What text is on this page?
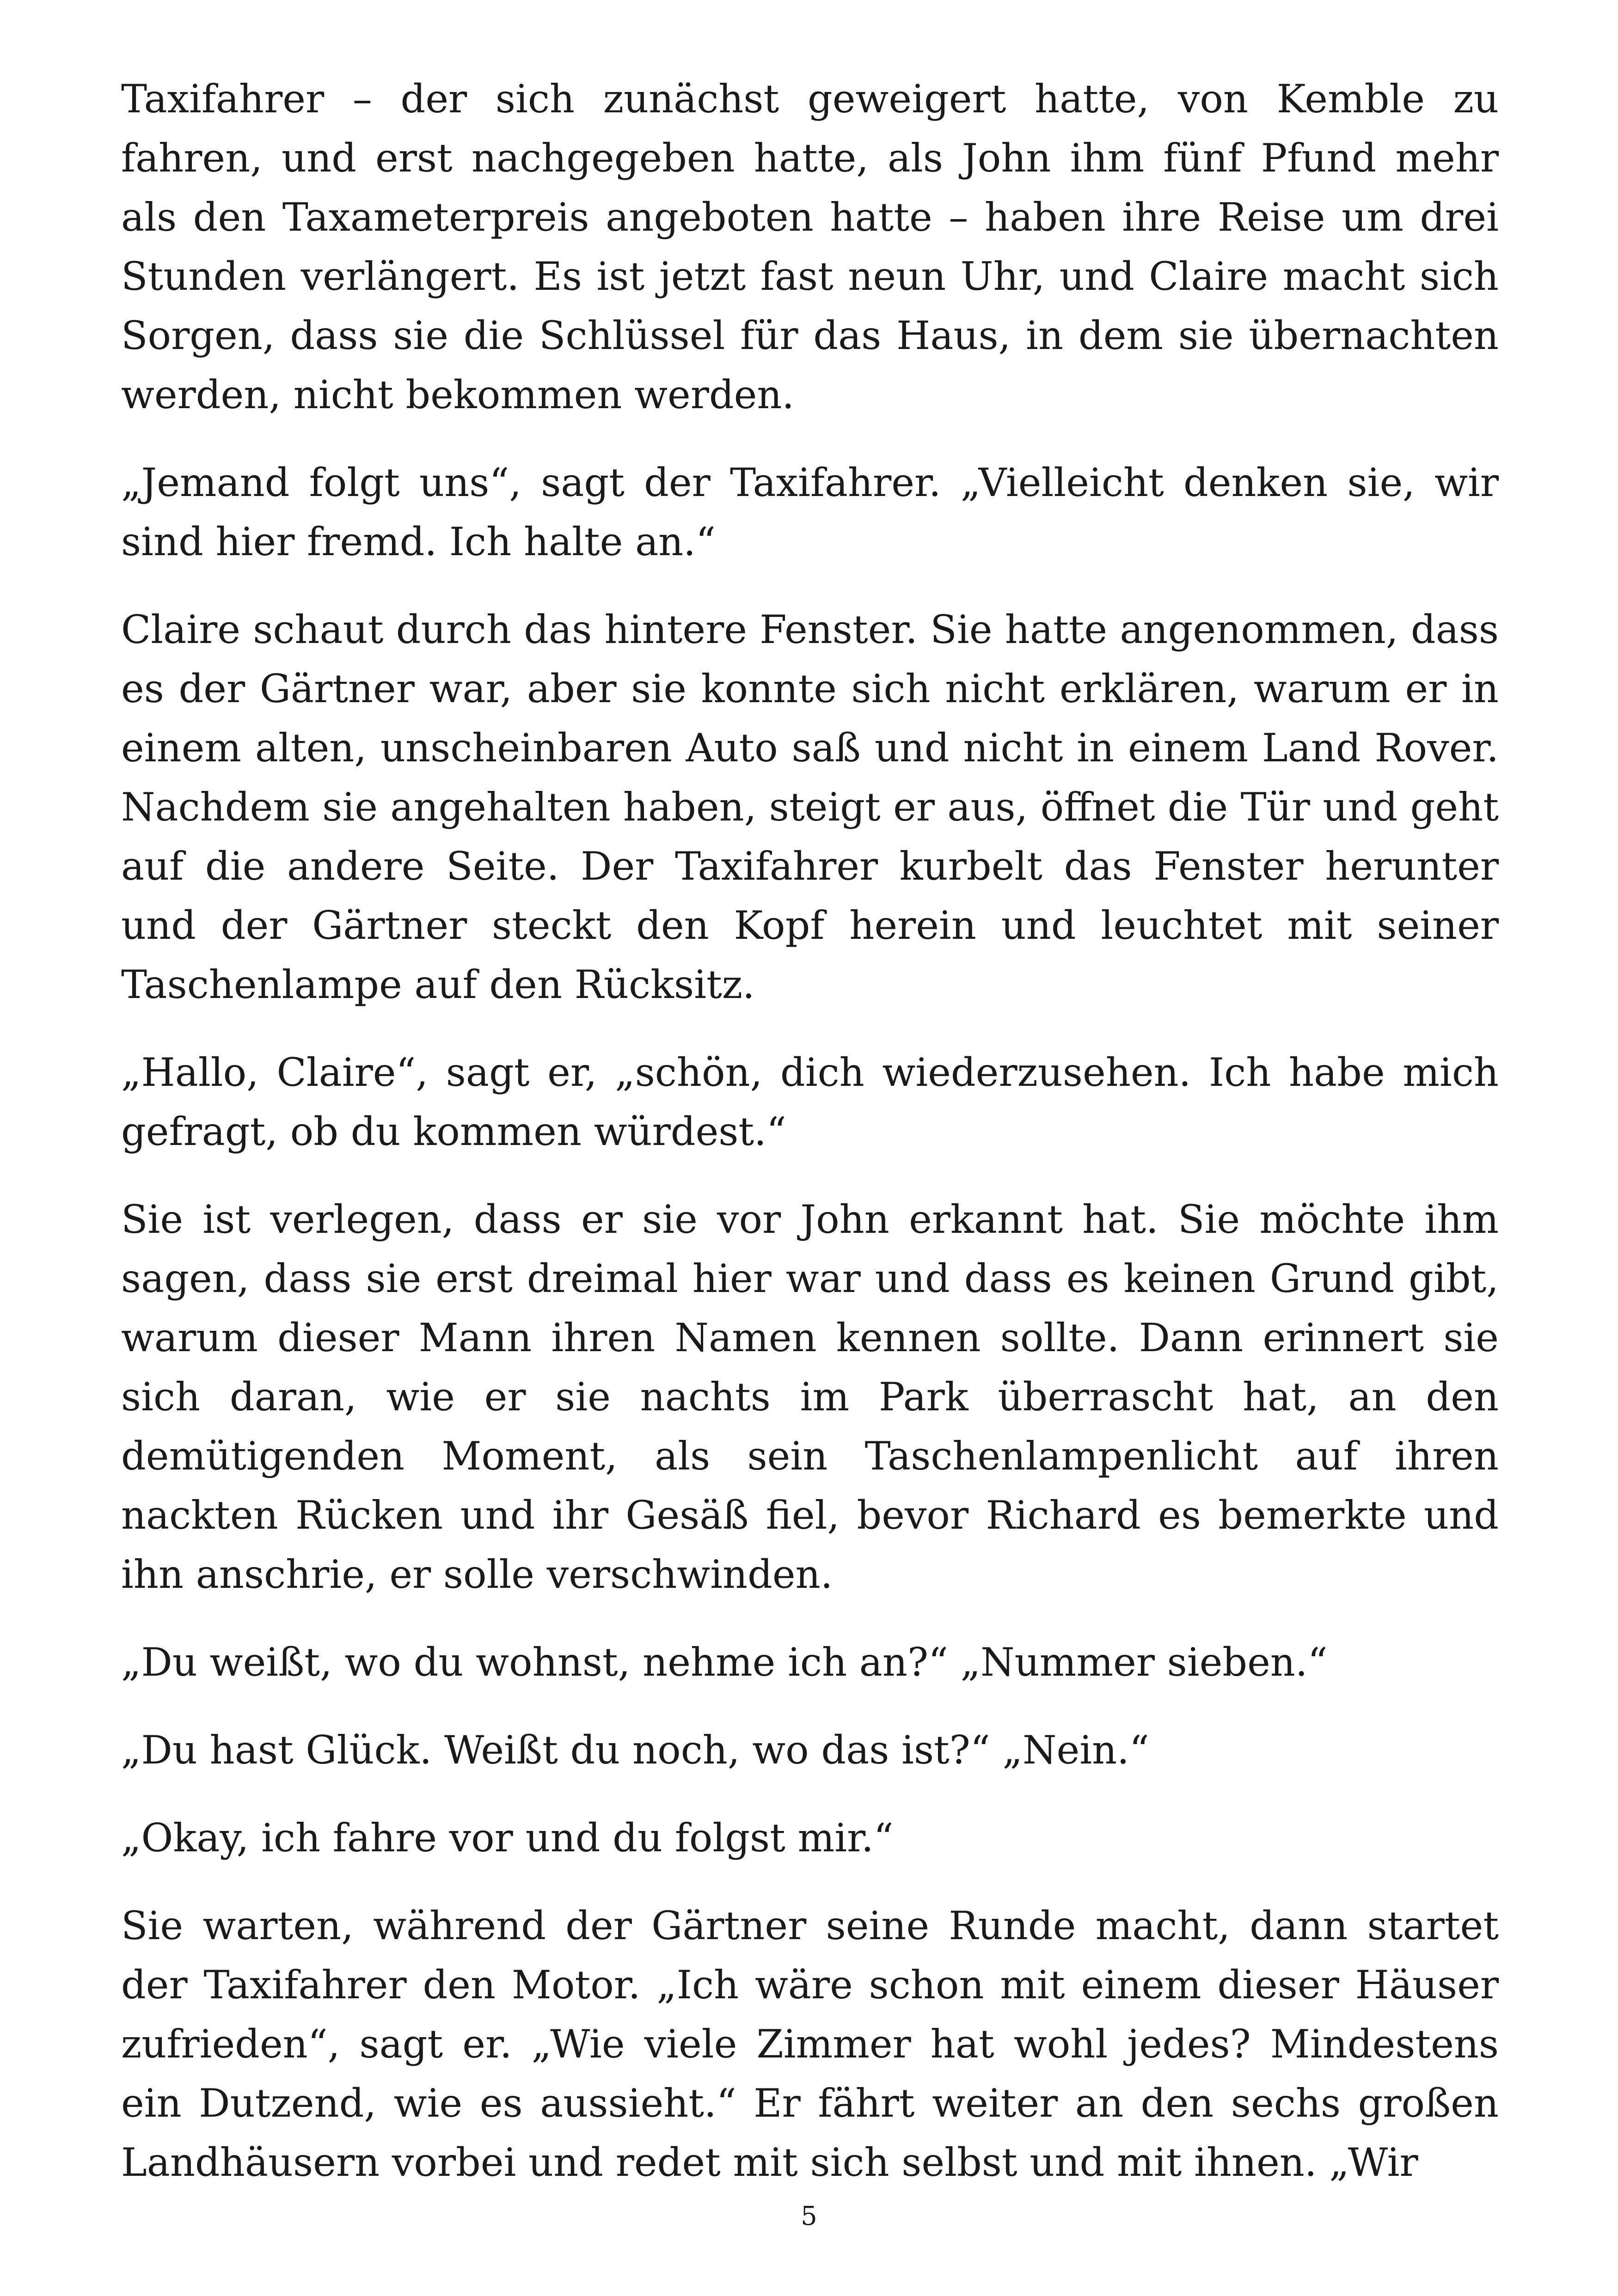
Taxifahrer – der sich zunächst geweigert hatte, von Kemble zu fahren, und erst nachgegeben hatte, als John ihm fünf Pfund mehr als den Taxameterpreis angeboten hatte – haben ihre Reise um drei Stunden verlängert. Es ist jetzt fast neun Uhr, und Claire macht sich Sorgen, dass sie die Schlüssel für das Haus, in dem sie übernachten werden, nicht bekommen werden.

„Jemand folgt uns“, sagt der Taxifahrer. „Vielleicht denken sie, wir sind hier fremd. Ich halte an.“

Claire schaut durch das hintere Fenster. Sie hatte angenommen, dass es der Gärtner war, aber sie konnte sich nicht erklären, warum er in einem alten, unscheinbaren Auto saß und nicht in einem Land Rover. Nachdem sie angehalten haben, steigt er aus, öffnet die Tür und geht auf die andere Seite. Der Taxifahrer kurbelt das Fenster herunter und der Gärtner steckt den Kopf herein und leuchtet mit seiner Taschenlampe auf den Rücksitz.

„Hallo, Claire“, sagt er, „schön, dich wiederzusehen. Ich habe mich gefragt, ob du kommen würdest.“

Sie ist verlegen, dass er sie vor John erkannt hat. Sie möchte ihm sagen, dass sie erst dreimal hier war und dass es keinen Grund gibt, warum dieser Mann ihren Namen kennen sollte. Dann erinnert sie sich daran, wie er sie nachts im Park überrascht hat, an den demütigenden Moment, als sein Taschenlampenlicht auf ihren nackten Rücken und ihr Gesäß fiel, bevor Richard es bemerkte und ihn anschrie, er solle verschwinden.

„Du weißt, wo du wohnst, nehme ich an?“ „Nummer sieben.“

„Du hast Glück. Weißt du noch, wo das ist?“ „Nein.“

„Okay, ich fahre vor und du folgst mir.“

Sie warten, während der Gärtner seine Runde macht, dann startet der Taxifahrer den Motor. „Ich wäre schon mit einem dieser Häuser zufrieden“, sagt er. „Wie viele Zimmer hat wohl jedes? Mindestens ein Dutzend, wie es aussieht.“ Er fährt weiter an den sechs großen Landhäusern vorbei und redet mit sich selbst und mit ihnen. „Wir

5
